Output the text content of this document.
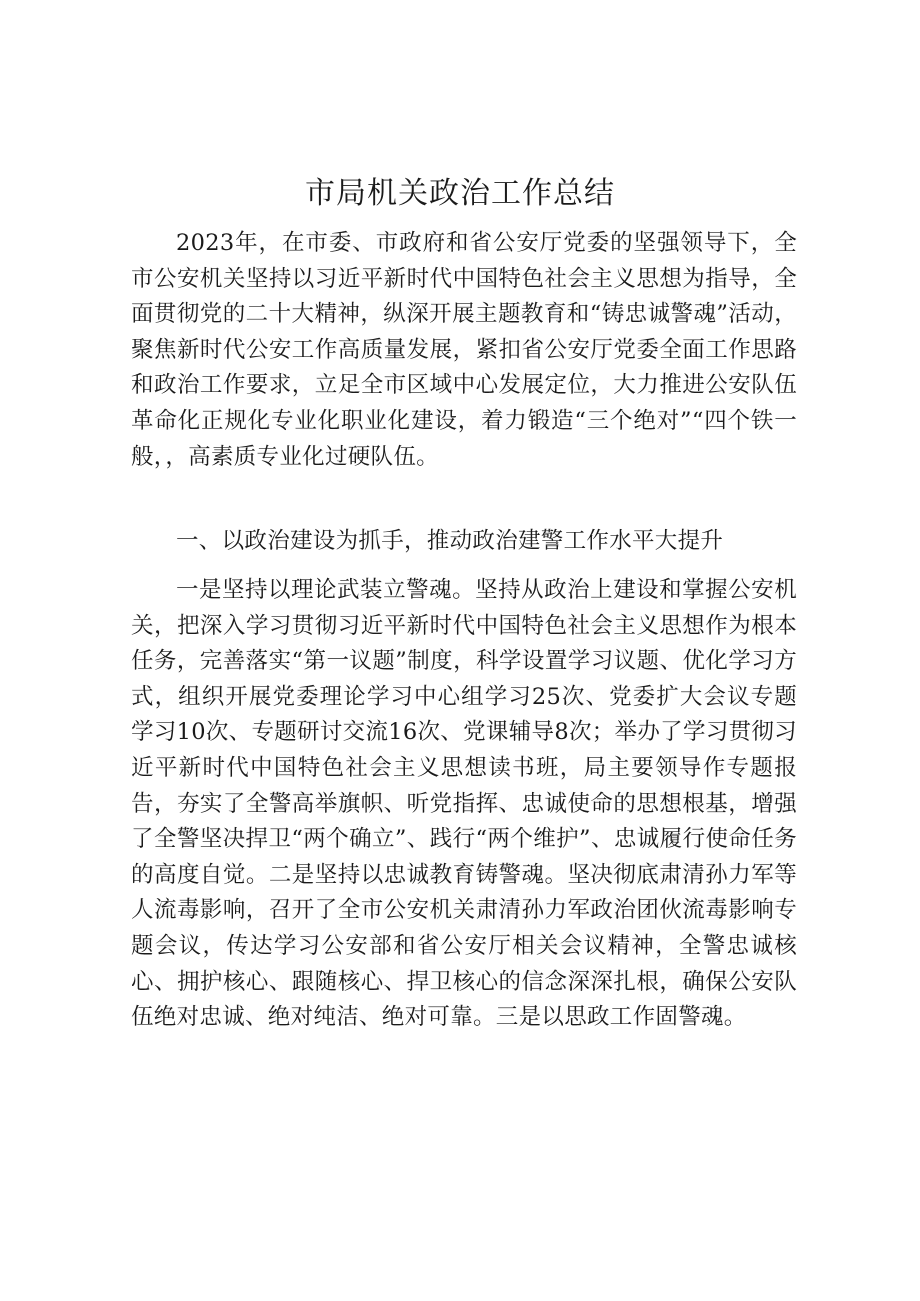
市局机关政治工作总结

2023年，在市委、市政府和省公安厅党委的坚强领导下，全市公安机关坚持以习近平新时代中国特色社会主义思想为指导，全面贯彻党的二十大精神，纵深开展主题教育和“铸忠诚警魂”活动，聚焦新时代公安工作高质量发展，紧扣省公安厅党委全面工作思路和政治工作要求，立足全市区域中心发展定位，大力推进公安队伍革命化正规化专业化职业化建设，着力锻造“三个绝对”“四个铁一般，，高素质专业化过硬队伍。

一、以政治建设为抓手，推动政治建警工作水平大提升

一是坚持以理论武装立警魂。坚持从政治上建设和掌握公安机关，把深入学习贯彻习近平新时代中国特色社会主义思想作为根本任务，完善落实“第一议题”制度，科学设置学习议题、优化学习方式，组织开展党委理论学习中心组学习25次、党委扩大会议专题学习10次、专题研讨交流16次、党课辅导8次；举办了学习贯彻习近平新时代中国特色社会主义思想读书班，局主要领导作专题报告，夯实了全警高举旗帜、听党指挥、忠诚使命的思想根基，增强了全警坚决捍卫“两个确立”、践行“两个维护”、忠诚履行使命任务的高度自觉。二是坚持以忠诚教育铸警魂。坚决彻底肃清孙力军等人流毒影响，召开了全市公安机关肃清孙力军政治团伙流毒影响专题会议，传达学习公安部和省公安厅相关会议精神，全警忠诚核心、拥护核心、跟随核心、捍卫核心的信念深深扎根，确保公安队伍绝对忠诚、绝对纯洁、绝对可靠。三是以思政工作固警魂。
